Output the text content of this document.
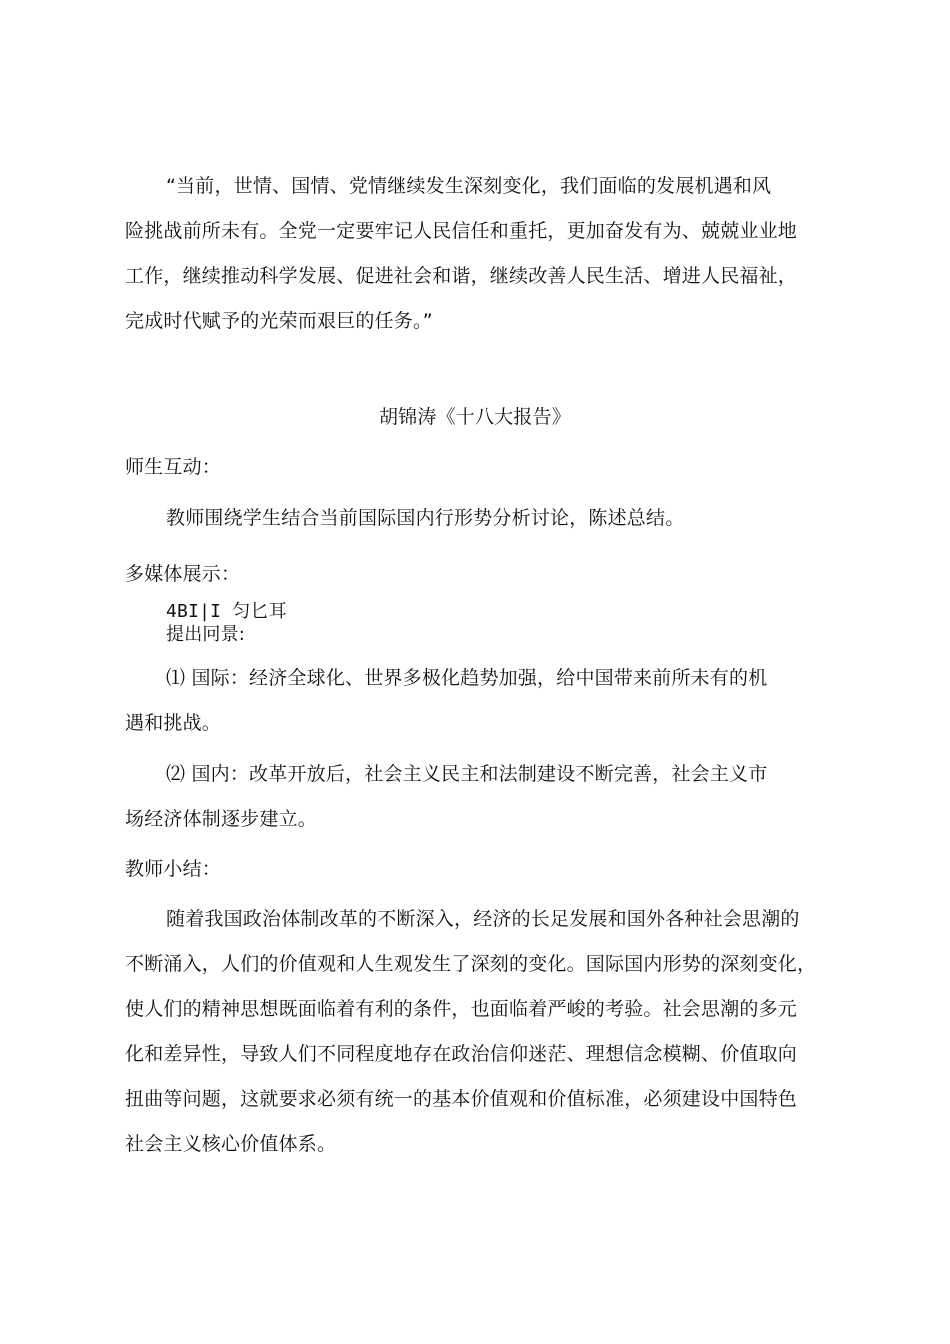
“当前，世情、国情、党情继续发生深刻变化，我们面临的发展机遇和风
险挑战前所未有。全党一定要牢记人民信任和重托，更加奋发有为、兢兢业业地
工作，继续推动科学发展、促进社会和谐，继续改善人民生活、增进人民福祉，
完成时代赋予的光荣而艰巨的任务。”
胡锦涛《十八大报告》
师生互动：
教师围绕学生结合当前国际国内行形势分析讨论，陈述总结。
多媒体展示：
4BI|I 匀匕耳
提出冋景:
⑴ 国际：经济全球化、世界多极化趋势加强，给中国带来前所未有的机
遇和挑战。
⑵ 国内：改革开放后，社会主义民主和法制建设不断完善，社会主义市
场经济体制逐步建立。
教师小结：
随着我国政治体制改革的不断深入，经济的长足发展和国外各种社会思潮的
不断涌入，人们的价值观和人生观发生了深刻的变化。国际国内形势的深刻变化，
使人们的精神思想既面临着有利的条件，也面临着严峻的考验。社会思潮的多元
化和差异性，导致人们不同程度地存在政治信仰迷茫、理想信念模糊、价值取向
扭曲等问题，这就要求必须有统一的基本价值观和价值标准，必须建设中国特色
社会主义核心价值体系。
